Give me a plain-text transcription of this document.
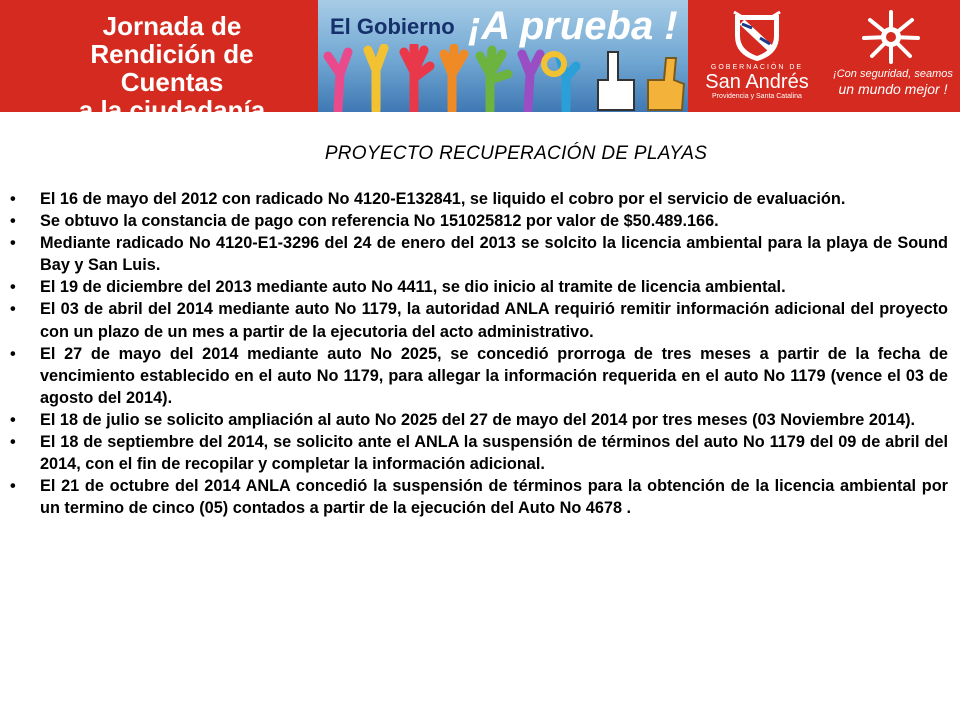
Jornada de
Rendición de Cuentas
a la ciudadanía
El Gobierno ¡A prueba !
GOBERNACIÓN DE
San Andrés
Providencia y Santa Catalina
¡Con seguridad, seamos
un mundo mejor !
PROYECTO RECUPERACIÓN DE PLAYAS
• El 16 de mayo del 2012 con radicado No 4120-E132841, se liquido el cobro por el servicio de evaluación.
• Se obtuvo la constancia de pago con referencia No 151025812 por valor de $50.489.166.
• Mediante radicado No 4120-E1-3296 del 24 de enero del 2013 se solcito la licencia ambiental para la playa de Sound Bay y San Luis.
• El 19 de diciembre del 2013 mediante auto No 4411, se dio inicio al tramite de licencia ambiental.
• El 03 de abril del 2014 mediante auto No 1179, la autoridad ANLA requirió remitir información adicional del proyecto con un plazo de un mes a partir de la ejecutoria del acto administrativo.
• El 27 de mayo del 2014 mediante auto No 2025, se concedió prorroga de tres meses a partir de la fecha de vencimiento establecido en el auto No 1179, para allegar la información requerida en el auto No 1179 (vence el 03 de agosto del 2014).
• El 18 de julio se solicito ampliación al auto No 2025 del 27 de mayo del 2014 por tres meses (03 Noviembre 2014).
• El 18 de septiembre del 2014, se solicito ante el ANLA la suspensión de términos del auto No 1179 del 09 de abril del 2014, con el fin de recopilar y completar la información adicional.
• El 21 de octubre del 2014 ANLA concedió la suspensión de términos para la obtención de la licencia ambiental por un termino de cinco (05) contados a partir de la ejecución del Auto No 4678 .
